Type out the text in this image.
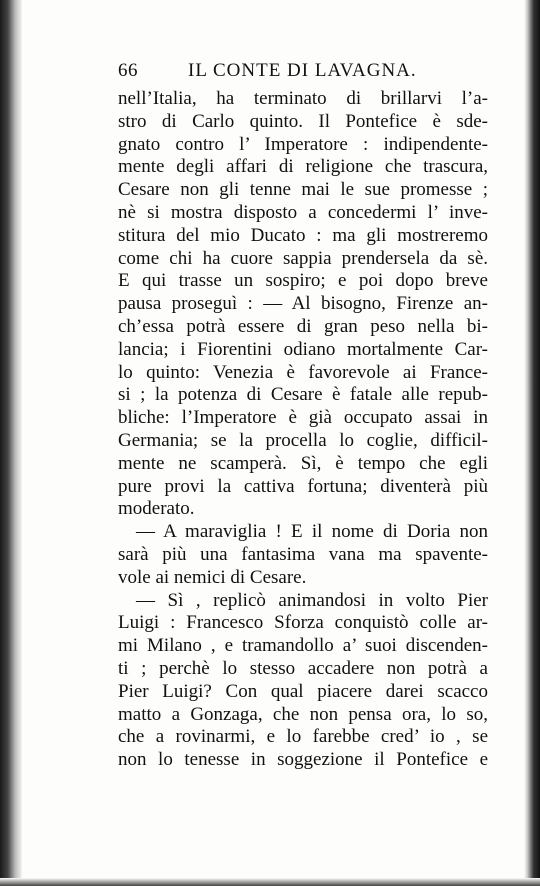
66	IL CONTE DI LAVAGNA.
nell’Italia, ha terminato di brillarvi l’a-
stro di Carlo quinto. Il Pontefice è sde-
gnato contro l’ Imperatore : indipendente-
mente degli affari di religione che trascura,
Cesare non gli tenne mai le sue promesse ;
nè si mostra disposto a concedermi l’ inve-
stitura del mio Ducato : ma gli mostreremo
come chi ha cuore sappia prendersela da sè.
E qui trasse un sospiro; e poi dopo breve
pausa proseguì : — Al bisogno, Firenze an-
ch’essa potrà essere di gran peso nella bi-
lancia; i Fiorentini odiano mortalmente Car-
lo quinto: Venezia è favorevole ai France-
si ; la potenza di Cesare è fatale alle repub-
bliche: l’Imperatore è già occupato assai in
Germania; se la procella lo coglie, difficil-
mente ne scamperà. Sì, è tempo che egli
pure provi la cattiva fortuna; diventerà più
moderato.
— A maraviglia ! E il nome di Doria non
sarà più una fantasima vana ma spavente-
vole ai nemici di Cesare.
— Sì , replicò animandosi in volto Pier
Luigi : Francesco Sforza conquistò colle ar-
mi Milano , e tramandollo a’ suoi discenden-
ti ; perchè lo stesso accadere non potrà a
Pier Luigi? Con qual piacere darei scacco
matto a Gonzaga, che non pensa ora, lo so,
che a rovinarmi, e lo farebbe cred’ io , se
non lo tenesse in soggezione il Pontefice e
